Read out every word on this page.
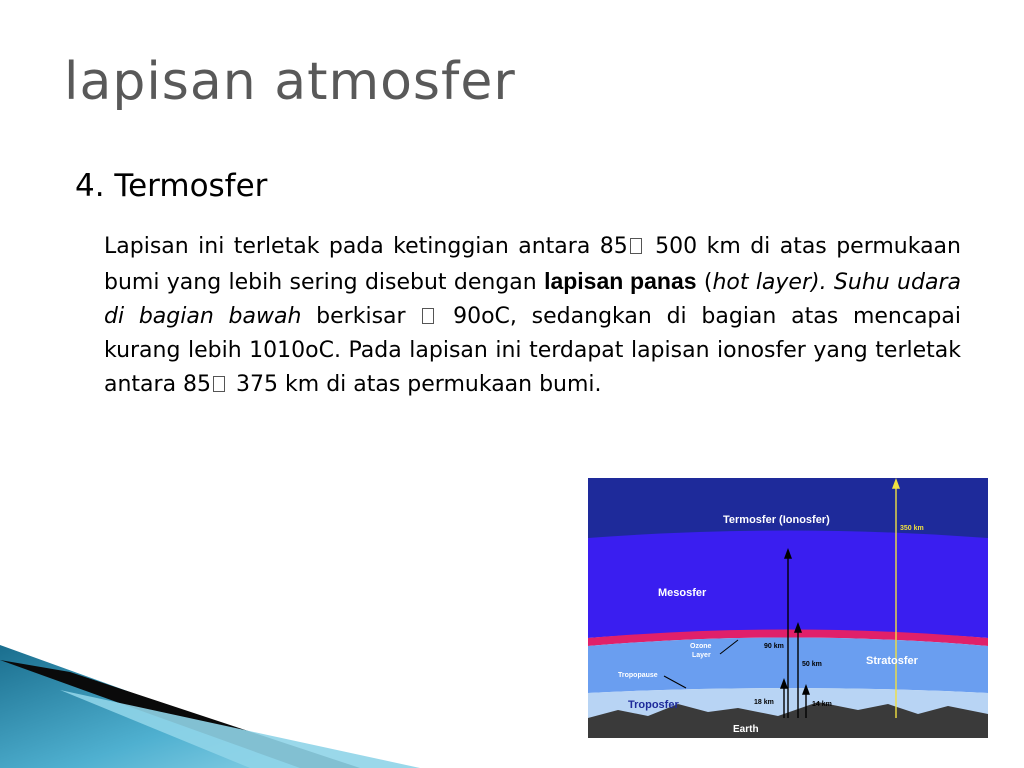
lapisan atmosfer
4. Termosfer

Lapisan ini terletak pada ketinggian antara 85 500 km di atas permukaan bumi yang lebih sering disebut dengan lapisan panas (hot layer). Suhu udara di bagian bawah berkisar  90oC, sedangkan di bagian atas mencapai kurang lebih 1010oC. Pada lapisan ini terdapat lapisan ionosfer yang terletak antara 85 375 km di atas permukaan bumi.

Termosfer (Ionosfer)
Mesosfer
Stratosfer
Troposfer
Ozone
Layer
Tropopause
Earth
350 km
90 km
50 km
18 km	14 km
